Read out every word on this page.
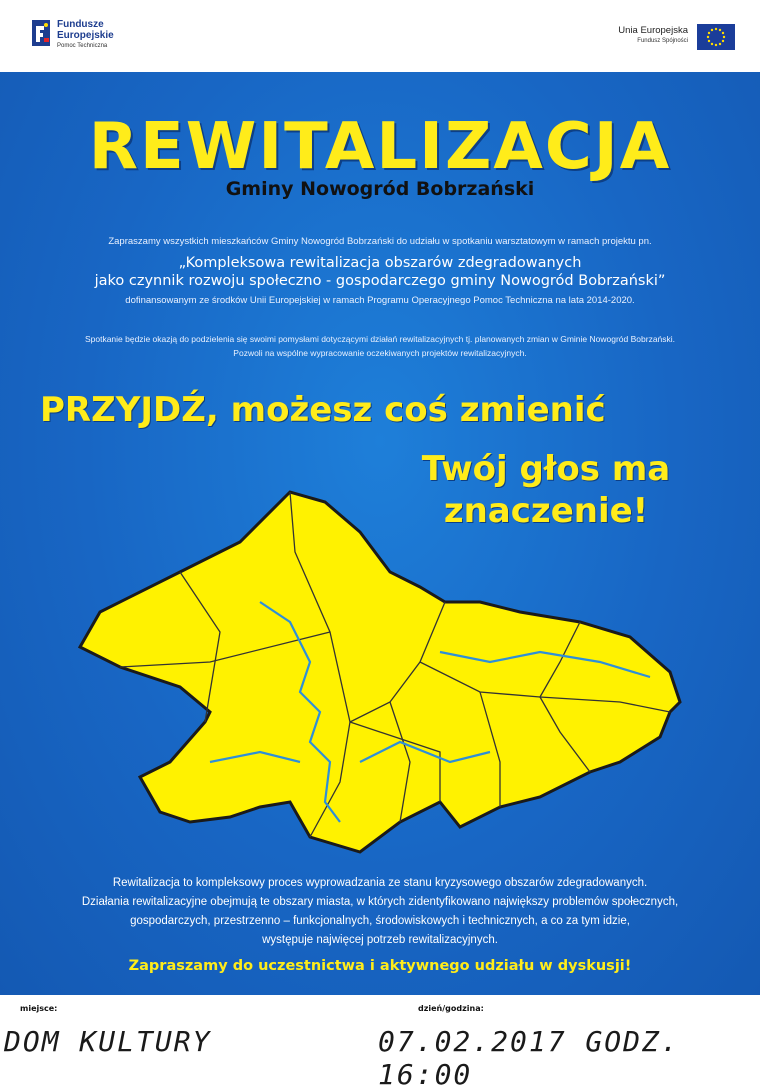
Fundusze
Europejskie
Pomoc Techniczna
Unia Europejska
Fundusz Spójności
REWITALIZACJA
Gminy Nowogród Bobrzański
Zapraszamy wszystkich mieszkańców Gminy Nowogród Bobrzański do udziału w spotkaniu warsztatowym w ramach projektu pn.
„Kompleksowa rewitalizacja obszarów zdegradowanych
jako czynnik rozwoju społeczno - gospodarczego gminy Nowogród Bobrzański”
dofinansowanym ze środków Unii Europejskiej w ramach Programu Operacyjnego Pomoc Techniczna na lata 2014-2020.
Spotkanie będzie okazją do podzielenia się swoimi pomysłami dotyczącymi działań rewitalizacyjnych tj. planowanych zmian w Gminie Nowogród Bobrzański.
Pozwoli na wspólne wypracowanie oczekiwanych projektów rewitalizacyjnych.
PRZYJDŹ, możesz coś zmienić
Twój głos ma
znaczenie!
Rewitalizacja to kompleksowy proces wyprowadzania ze stanu kryzysowego obszarów zdegradowanych.
Działania rewitalizacyjne obejmują te obszary miasta, w których zidentyfikowano największy problemów społecznych,
gospodarczych, przestrzenno – funkcjonalnych, środowiskowych i technicznych, a co za tym idzie,
występuje najwięcej potrzeb rewitalizacyjnych.
Zapraszamy do uczestnictwa i aktywnego udziału w dyskusji!
miejsce:	dzień/godzina:
DOM KULTURY	07.02.2017 GODZ. 16:00
